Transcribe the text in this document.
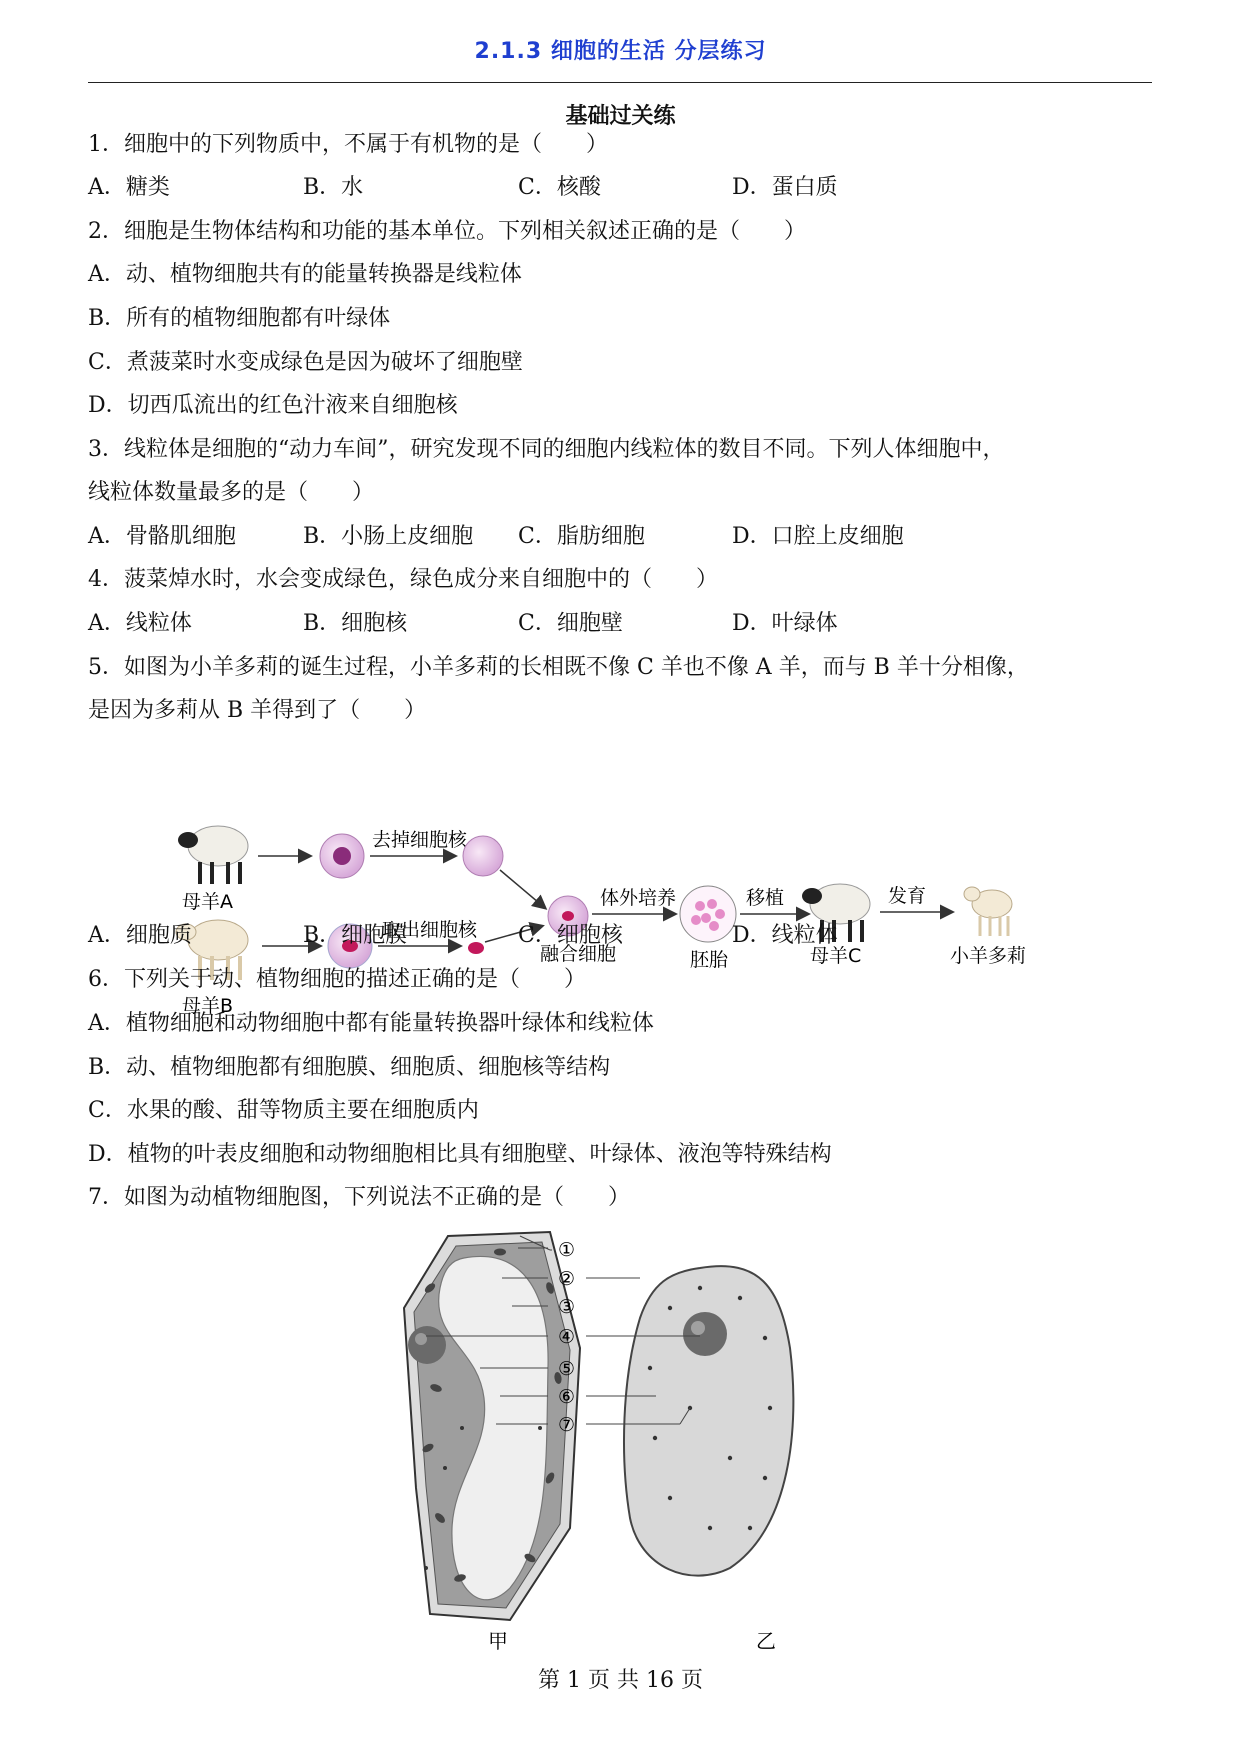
2.1.3 细胞的生活 分层练习
基础过关练
1．细胞中的下列物质中，不属于有机物的是（　　）
A．糖类	B．水	C．核酸	D．蛋白质
2．细胞是生物体结构和功能的基本单位。下列相关叙述正确的是（　　）
A．动、植物细胞共有的能量转换器是线粒体
B．所有的植物细胞都有叶绿体
C．煮菠菜时水变成绿色是因为破坏了细胞壁
D．切西瓜流出的红色汁液来自细胞核
3．线粒体是细胞的“动力车间”，研究发现不同的细胞内线粒体的数目不同。下列人体细胞中，
线粒体数量最多的是（　　）
A．骨骼肌细胞	B．小肠上皮细胞 C．脂肪细胞	D．口腔上皮细胞
4．菠菜焯水时，水会变成绿色，绿色成分来自细胞中的（　　）
A．线粒体	B．细胞核	C．细胞壁	D．叶绿体
5．如图为小羊多莉的诞生过程，小羊多莉的长相既不像 C 羊也不像 A 羊，而与 B 羊十分相像，
是因为多莉从 B 羊得到了（　　）
母羊A
去掉细胞核
母羊B
取出细胞核
融合细胞
体外培养
胚胎
移植
母羊C
发育
小羊多莉
A．细胞质	B．细胞膜	C．细胞核	D．线粒体
6．下列关于动、植物细胞的描述正确的是（　　）
A．植物细胞和动物细胞中都有能量转换器叶绿体和线粒体
B．动、植物细胞都有细胞膜、细胞质、细胞核等结构
C．水果的酸、甜等物质主要在细胞质内
D．植物的叶表皮细胞和动物细胞相比具有细胞壁、叶绿体、液泡等特殊结构
7．如图为动植物细胞图，下列说法不正确的是（　　）
①
②
③
④
⑤
⑥
⑦
甲	乙
第 1 页 共 16 页
